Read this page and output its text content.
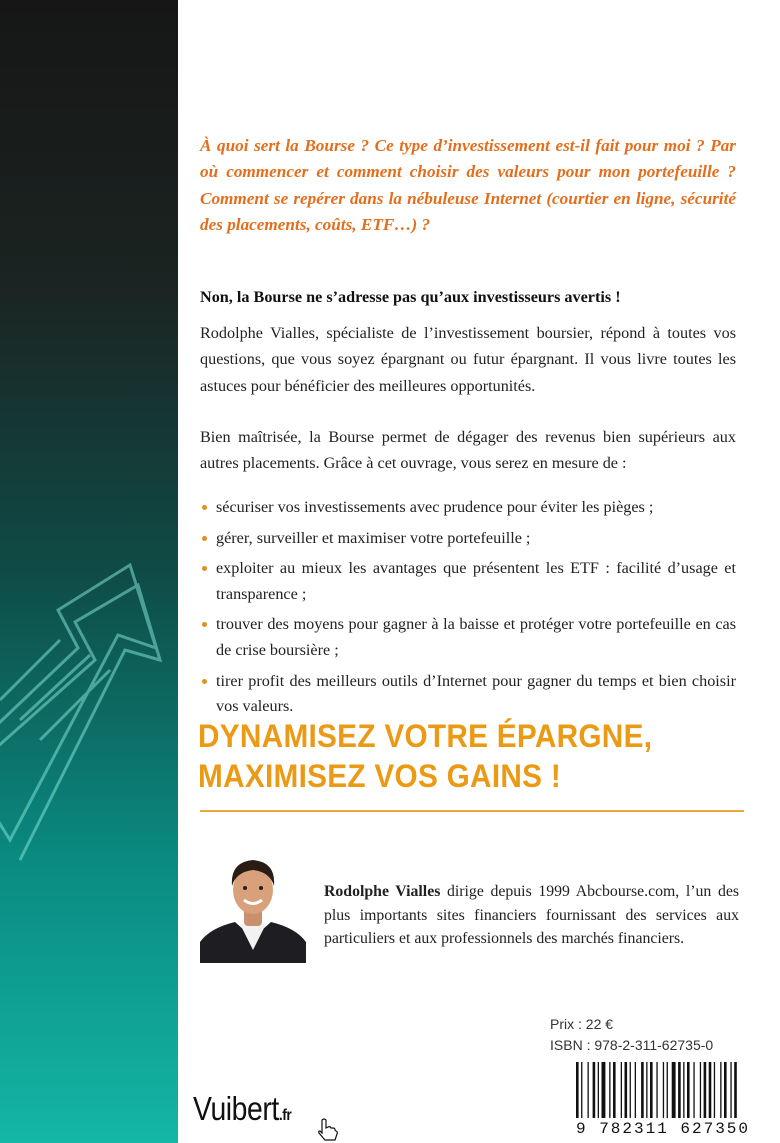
À quoi sert la Bourse ? Ce type d’investissement est-il fait pour moi ? Par où commencer et comment choisir des valeurs pour mon portefeuille ? Comment se repérer dans la nébuleuse Internet (courtier en ligne, sécurité des placements, coûts, ETF…) ?

Non, la Bourse ne s’adresse pas qu’aux investisseurs avertis !

Rodolphe Vialles, spécialiste de l’investissement boursier, répond à toutes vos questions, que vous soyez épargnant ou futur épargnant. Il vous livre toutes les astuces pour bénéficier des meilleures opportunités.

Bien maîtrisée, la Bourse permet de dégager des revenus bien supérieurs aux autres placements. Grâce à cet ouvrage, vous serez en mesure de :

sécuriser vos investissements avec prudence pour éviter les pièges ;
gérer, surveiller et maximiser votre portefeuille ;
exploiter au mieux les avantages que présentent les ETF : facilité d’usage et transparence ;
trouver des moyens pour gagner à la baisse et protéger votre portefeuille en cas de crise boursière ;
tirer profit des meilleurs outils d’Internet pour gagner du temps et bien choisir vos valeurs.
DYNAMISEZ VOTRE ÉPARGNE,
MAXIMISEZ VOS GAINS !

Rodolphe Vialles dirige depuis 1999 Abcbourse.com, l’un des plus importants sites financiers fournissant des services aux particuliers et aux professionnels des marchés financiers.

Prix : 22 €
ISBN : 978-2-311-62735-0
9 782311 627350
Vuibert.fr
